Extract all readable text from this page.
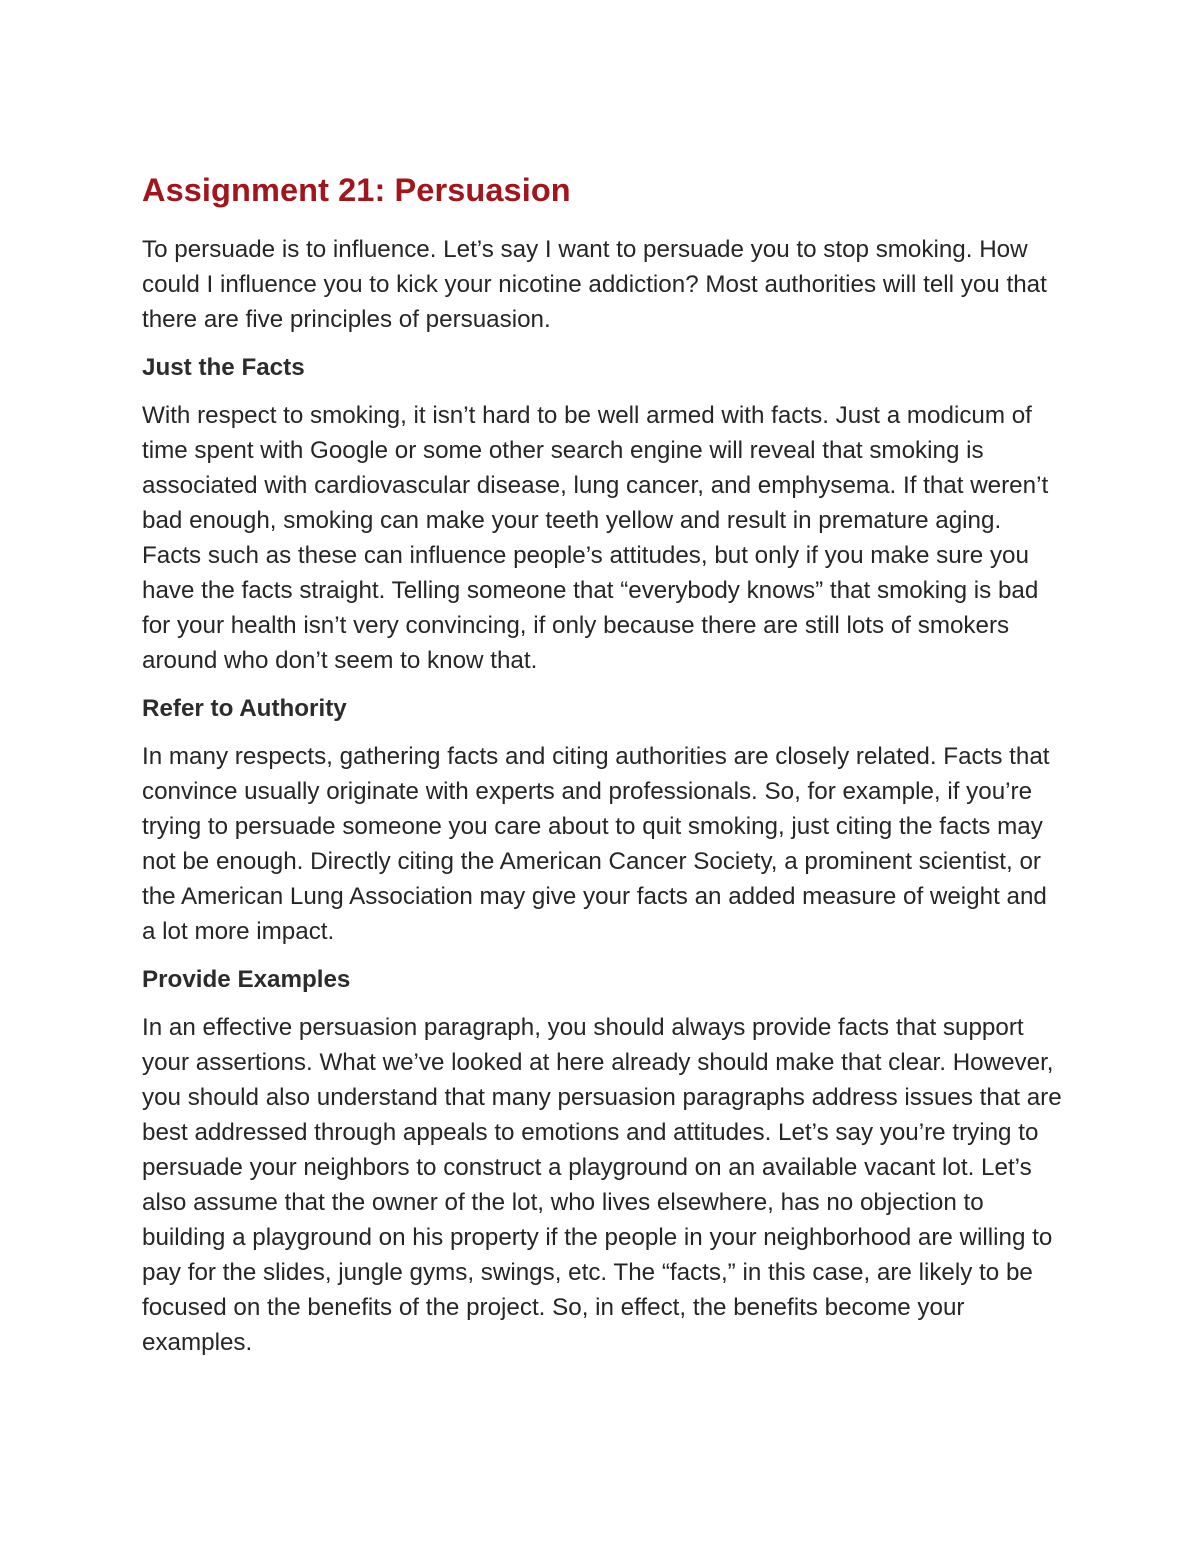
Assignment 21: Persuasion

To persuade is to influence. Let’s say I want to persuade you to stop smoking. How could I influence you to kick your nicotine addiction? Most authorities will tell you that there are five principles of persuasion.

Just the Facts

With respect to smoking, it isn’t hard to be well armed with facts. Just a modicum of time spent with Google or some other search engine will reveal that smoking is associated with cardiovascular disease, lung cancer, and emphysema. If that weren’t bad enough, smoking can make your teeth yellow and result in premature aging. Facts such as these can influence people’s attitudes, but only if you make sure you have the facts straight. Telling someone that “everybody knows” that smoking is bad for your health isn’t very convincing, if only because there are still lots of smokers around who don’t seem to know that.

Refer to Authority

In many respects, gathering facts and citing authorities are closely related. Facts that convince usually originate with experts and professionals. So, for example, if you’re trying to persuade someone you care about to quit smoking, just citing the facts may not be enough. Directly citing the American Cancer Society, a prominent scientist, or the American Lung Association may give your facts an added measure of weight and a lot more impact.

Provide Examples

In an effective persuasion paragraph, you should always provide facts that support your assertions. What we’ve looked at here already should make that clear. However, you should also understand that many persuasion paragraphs address issues that are best addressed through appeals to emotions and attitudes. Let’s say you’re trying to persuade your neighbors to construct a playground on an available vacant lot. Let’s also assume that the owner of the lot, who lives elsewhere, has no objection to building a playground on his property if the people in your neighborhood are willing to pay for the slides, jungle gyms, swings, etc. The “facts,” in this case, are likely to be focused on the benefits of the project. So, in effect, the benefits become your examples.
